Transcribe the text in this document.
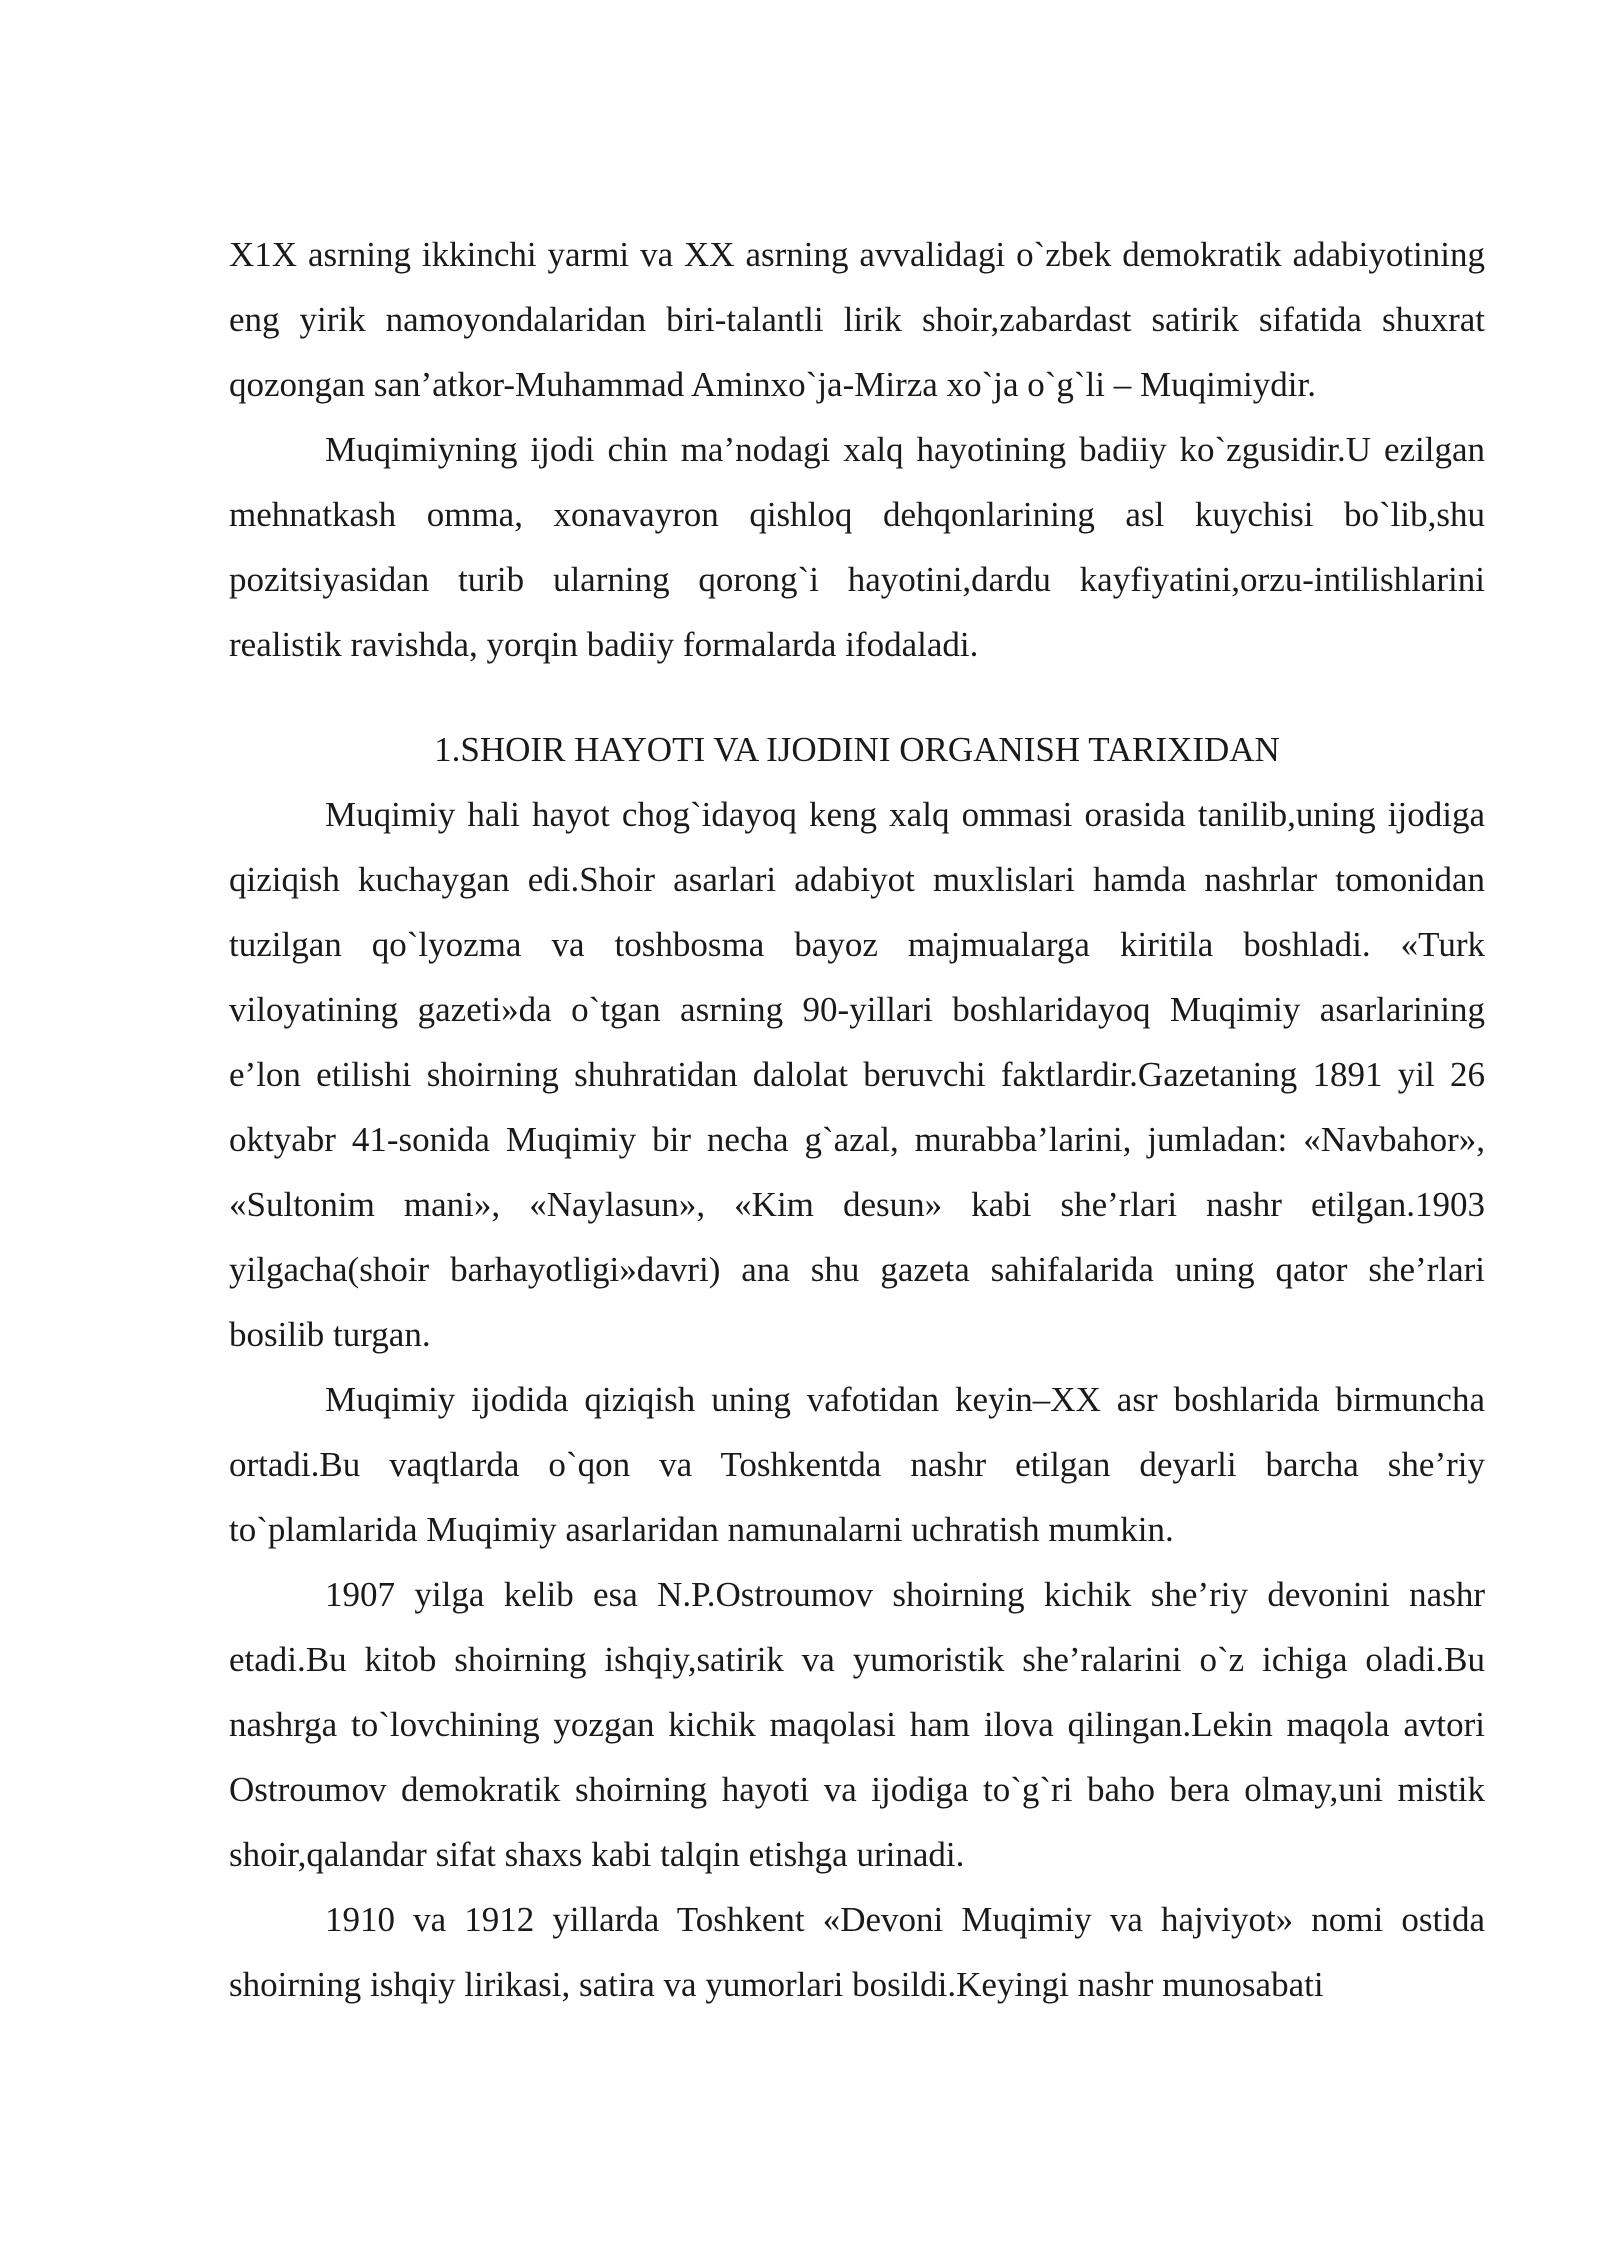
X1X asrning ikkinchi yarmi va XX asrning avvalidagi o`zbek demokratik adabiyotining eng yirik namoyondalaridan biri-talantli lirik shoir,zabardast satirik sifatida shuxrat qozongan san’atkor-Muhammad Aminxo`ja-Mirza xo`ja o`g`li – Muqimiydir.

Muqimiyning ijodi chin ma’nodagi xalq hayotining badiiy ko`zgusidir.U ezilgan mehnatkash omma, xonavayron qishloq dehqonlarining asl kuychisi bo`lib,shu pozitsiyasidan turib ularning qorong`i hayotini,dardu kayfiyatini,orzu-intilishlarini realistik ravishda, yorqin badiiy formalarda ifodaladi.

1.SHOIR HAYOTI VA IJODINI ORGANISH TARIXIDAN

Muqimiy hali hayot chog`idayoq keng xalq ommasi orasida tanilib,uning ijodiga qiziqish kuchaygan edi.Shoir asarlari adabiyot muxlislari hamda nashrlar tomonidan tuzilgan qo`lyozma va toshbosma bayoz majmualarga kiritila boshladi. «Turk viloyatining gazeti»da o`tgan asrning 90-yillari boshlaridayoq Muqimiy asarlarining e’lon etilishi shoirning shuhratidan dalolat beruvchi faktlardir.Gazetaning 1891 yil 26 oktyabr 41-sonida Muqimiy bir necha g`azal, murabba’larini, jumladan: «Navbahor», «Sultonim mani», «Naylasun», «Kim desun» kabi she’rlari nashr etilgan.1903 yilgacha(shoir barhayotligi»davri) ana shu gazeta sahifalarida uning qator she’rlari bosilib turgan.

Muqimiy ijodida qiziqish uning vafotidan keyin–XX asr boshlarida birmuncha ortadi.Bu vaqtlarda o`qon va Toshkentda nashr etilgan deyarli barcha she’riy to`plamlarida Muqimiy asarlaridan namunalarni uchratish mumkin.

1907 yilga kelib esa N.P.Ostroumov shoirning kichik she’riy devonini nashr etadi.Bu kitob shoirning ishqiy,satirik va yumoristik she’ralarini o`z ichiga oladi.Bu nashrga to`lovchining yozgan kichik maqolasi ham ilova qilingan.Lekin maqola avtori Ostroumov demokratik shoirning hayoti va ijodiga to`g`ri baho bera olmay,uni mistik shoir,qalandar sifat shaxs kabi talqin etishga urinadi.

1910 va 1912 yillarda Toshkent «Devoni Muqimiy va hajviyot» nomi ostida shoirning ishqiy lirikasi, satira va yumorlari bosildi.Keyingi nashr munosabati
